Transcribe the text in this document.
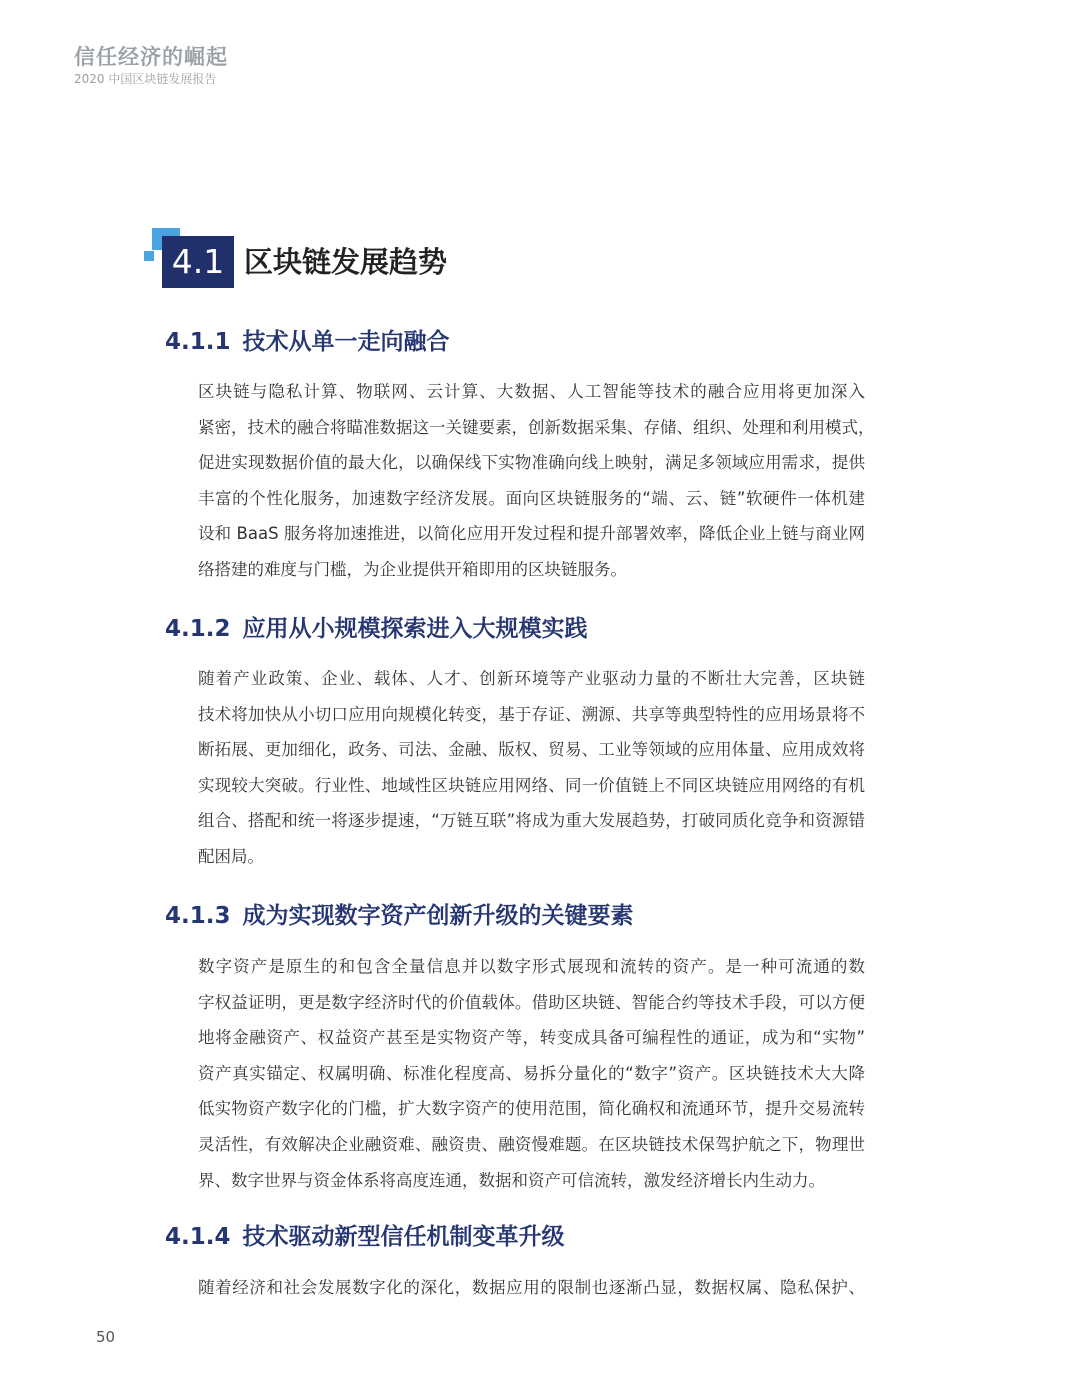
信任经济的崛起
2020 中国区块链发展报告
4.1 区块链发展趋势
4.1.1 技术从单一走向融合

区块链与隐私计算、物联网、云计算、大数据、人工智能等技术的融合应用将更加深入
紧密，技术的融合将瞄准数据这一关键要素，创新数据采集、存储、组织、处理和利用模式，
促进实现数据价值的最大化，以确保线下实物准确向线上映射，满足多领域应用需求，提供
丰富的个性化服务，加速数字经济发展。面向区块链服务的“端、云、链”软硬件一体机建
设和 BaaS 服务将加速推进，以简化应用开发过程和提升部署效率，降低企业上链与商业网
络搭建的难度与门槛，为企业提供开箱即用的区块链服务。

4.1.2 应用从小规模探索进入大规模实践

随着产业政策、企业、载体、人才、创新环境等产业驱动力量的不断壮大完善，区块链
技术将加快从小切口应用向规模化转变，基于存证、溯源、共享等典型特性的应用场景将不
断拓展、更加细化，政务、司法、金融、版权、贸易、工业等领域的应用体量、应用成效将
实现较大突破。行业性、地域性区块链应用网络、同一价值链上不同区块链应用网络的有机
组合、搭配和统一将逐步提速，“万链互联”将成为重大发展趋势，打破同质化竞争和资源错
配困局。

4.1.3 成为实现数字资产创新升级的关键要素

数字资产是原生的和包含全量信息并以数字形式展现和流转的资产。是一种可流通的数
字权益证明，更是数字经济时代的价值载体。借助区块链、智能合约等技术手段，可以方便
地将金融资产、权益资产甚至是实物资产等，转变成具备可编程性的通证，成为和“实物”
资产真实锚定、权属明确、标准化程度高、易拆分量化的“数字”资产。区块链技术大大降
低实物资产数字化的门槛，扩大数字资产的使用范围，简化确权和流通环节，提升交易流转
灵活性，有效解决企业融资难、融资贵、融资慢难题。在区块链技术保驾护航之下，物理世
界、数字世界与资金体系将高度连通，数据和资产可信流转，激发经济增长内生动力。

4.1.4 技术驱动新型信任机制变革升级

随着经济和社会发展数字化的深化，数据应用的限制也逐渐凸显，数据权属、隐私保护、

50
